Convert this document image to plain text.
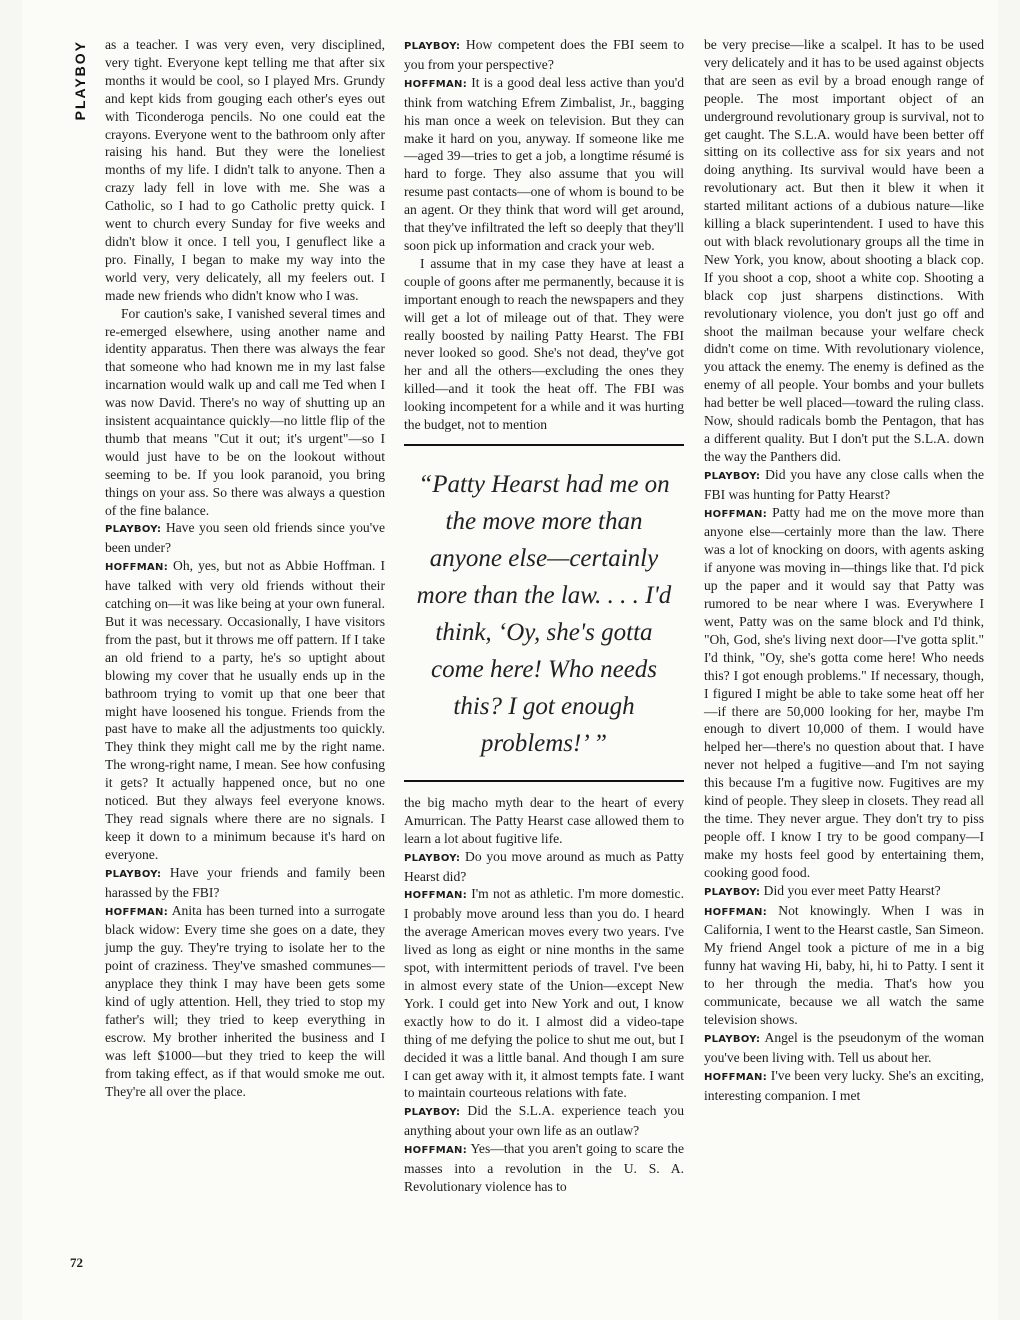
PLAYBOY as a teacher. I was very even, very disciplined, very tight. Everyone kept telling me that after six months it would be cool, so I played Mrs. Grundy and kept kids from gouging each other's eyes out with Ticonderoga pencils. No one could eat the crayons. Everyone went to the bathroom only after raising his hand. But they were the loneliest months of my life. I didn't talk to anyone. Then a crazy lady fell in love with me. She was a Catholic, so I had to go Catholic pretty quick. I went to church every Sunday for five weeks and didn't blow it once. I tell you, I genuflect like a pro. Finally, I began to make my way into the world very, very delicately, all my feelers out. I made new friends who didn't know who I was.

For caution's sake, I vanished several times and re-emerged elsewhere, using another name and identity apparatus. Then there was always the fear that someone who had known me in my last false incarnation would walk up and call me Ted when I was now David. There's no way of shutting up an insistent acquaintance quickly—no little flip of the thumb that means "Cut it out; it's urgent"—so I would just have to be on the lookout without seeming to be. If you look paranoid, you bring things on your ass. So there was always a question of the fine balance.

PLAYBOY: Have you seen old friends since you've been under?

HOFFMAN: Oh, yes, but not as Abbie Hoffman. I have talked with very old friends without their catching on—it was like being at your own funeral. But it was necessary. Occasionally, I have visitors from the past, but it throws me off pattern. If I take an old friend to a party, he's so uptight about blowing my cover that he usually ends up in the bathroom trying to vomit up that one beer that might have loosened his tongue. Friends from the past have to make all the adjustments too quickly. They think they might call me by the right name. The wrong-right name, I mean. See how confusing it gets? It actually happened once, but no one noticed. But they always feel everyone knows. They read signals where there are no signals. I keep it down to a minimum because it's hard on everyone.

PLAYBOY: Have your friends and family been harassed by the FBI?

HOFFMAN: Anita has been turned into a surrogate black widow: Every time she goes on a date, they jump the guy. They're trying to isolate her to the point of craziness. They've smashed communes—anyplace they think I may have been gets some kind of ugly attention. Hell, they tried to stop my father's will; they tried to keep everything in escrow. My brother inherited the business and I was left $1000—but they tried to keep the will from taking effect, as if that would smoke me out. They're all over the place.

PLAYBOY: How competent does the FBI seem to you from your perspective?

HOFFMAN: It is a good deal less active than you'd think from watching Efrem Zimbalist, Jr., bagging his man once a week on television. But they can make it hard on you, anyway. If someone like me—aged 39—tries to get a job, a longtime résumé is hard to forge. They also assume that you will resume past contacts—one of whom is bound to be an agent. Or they think that word will get around, that they've infiltrated the left so deeply that they'll soon pick up information and crack your web.

I assume that in my case they have at least a couple of goons after me permanently, because it is important enough to reach the newspapers and they will get a lot of mileage out of that. They were really boosted by nailing Patty Hearst. The FBI never looked so good. She's not dead, they've got her and all the others—excluding the ones they killed—and it took the heat off. The FBI was looking incompetent for a while and it was hurting the budget, not to mention

“Patty Hearst had me on the move more than anyone else—certainly more than the law. . . . I'd think, ‘Oy, she's gotta come here! Who needs this? I got enough problems!’ ”

the big macho myth dear to the heart of every Amurrican. The Patty Hearst case allowed them to learn a lot about fugitive life.

PLAYBOY: Do you move around as much as Patty Hearst did?

HOFFMAN: I'm not as athletic. I'm more domestic. I probably move around less than you do. I heard the average American moves every two years. I've lived as long as eight or nine months in the same spot, with intermittent periods of travel. I've been in almost every state of the Union—except New York. I could get into New York and out, I know exactly how to do it. I almost did a video-tape thing of me defying the police to shut me out, but I decided it was a little banal. And though I am sure I can get away with it, it almost tempts fate. I want to maintain courteous relations with fate.

PLAYBOY: Did the S.L.A. experience teach you anything about your own life as an outlaw?

HOFFMAN: Yes—that you aren't going to scare the masses into a revolution in the U. S. A. Revolutionary violence has to

be very precise—like a scalpel. It has to be used very delicately and it has to be used against objects that are seen as evil by a broad enough range of people. The most important object of an underground revolutionary group is survival, not to get caught. The S.L.A. would have been better off sitting on its collective ass for six years and not doing anything. Its survival would have been a revolutionary act. But then it blew it when it started militant actions of a dubious nature—like killing a black superintendent. I used to have this out with black revolutionary groups all the time in New York, you know, about shooting a black cop. If you shoot a cop, shoot a white cop. Shooting a black cop just sharpens distinctions. With revolutionary violence, you don't just go off and shoot the mailman because your welfare check didn't come on time. With revolutionary violence, you attack the enemy. The enemy is defined as the enemy of all people. Your bombs and your bullets had better be well placed—toward the ruling class. Now, should radicals bomb the Pentagon, that has a different quality. But I don't put the S.L.A. down the way the Panthers did.

PLAYBOY: Did you have any close calls when the FBI was hunting for Patty Hearst?

HOFFMAN: Patty had me on the move more than anyone else—certainly more than the law. There was a lot of knocking on doors, with agents asking if anyone was moving in—things like that. I'd pick up the paper and it would say that Patty was rumored to be near where I was. Everywhere I went, Patty was on the same block and I'd think, "Oh, God, she's living next door—I've gotta split." I'd think, "Oy, she's gotta come here! Who needs this? I got enough problems." If necessary, though, I figured I might be able to take some heat off her—if there are 50,000 looking for her, maybe I'm enough to divert 10,000 of them. I would have helped her—there's no question about that. I have never not helped a fugitive—and I'm not saying this because I'm a fugitive now. Fugitives are my kind of people. They sleep in closets. They read all the time. They never argue. They don't try to piss people off. I know I try to be good company—I make my hosts feel good by entertaining them, cooking good food.

PLAYBOY: Did you ever meet Patty Hearst?

HOFFMAN: Not knowingly. When I was in California, I went to the Hearst castle, San Simeon. My friend Angel took a picture of me in a big funny hat waving Hi, baby, hi, hi to Patty. I sent it to her through the media. That's how you communicate, because we all watch the same television shows.

PLAYBOY: Angel is the pseudonym of the woman you've been living with. Tell us about her.

HOFFMAN: I've been very lucky. She's an exciting, interesting companion. I met

72
